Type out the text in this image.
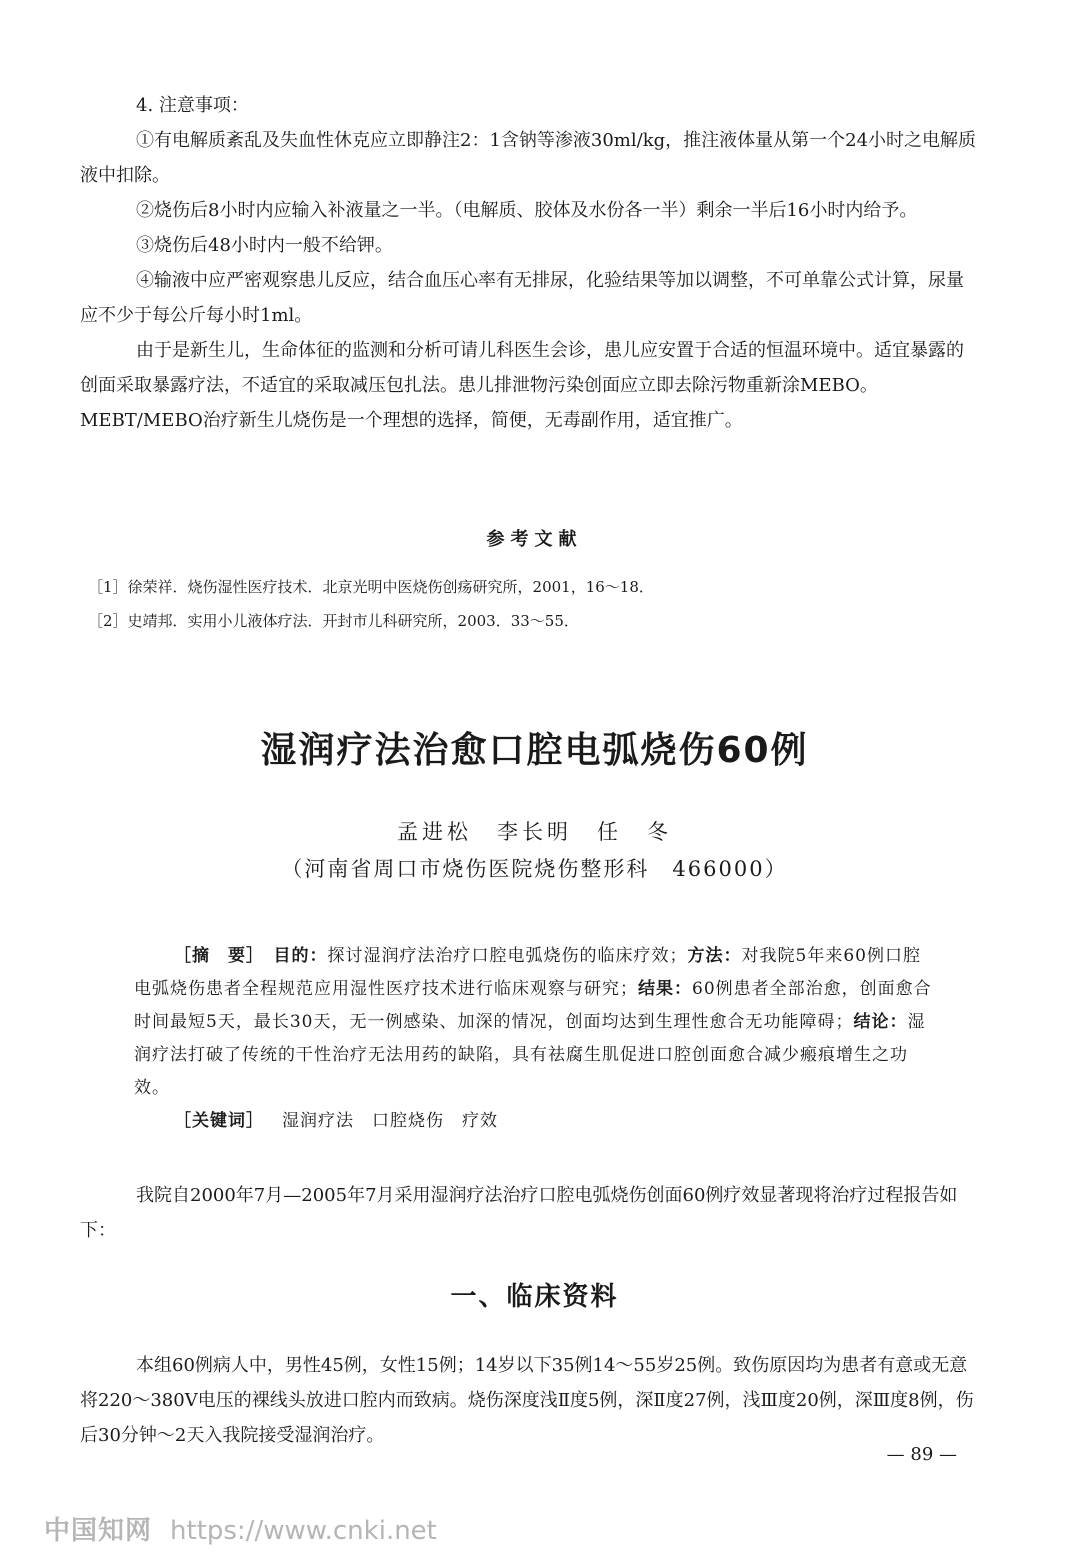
4. 注意事项：

①有电解质紊乱及失血性休克应立即静注2：1含钠等渗液30ml/kg，推注液体量从第一个24小时之电解质液中扣除。

②烧伤后8小时内应输入补液量之一半。（电解质、胶体及水份各一半）剩余一半后16小时内给予。

③烧伤后48小时内一般不给钾。

④输液中应严密观察患儿反应，结合血压心率有无排尿，化验结果等加以调整，不可单靠公式计算，尿量应不少于每公斤每小时1ml。

由于是新生儿，生命体征的监测和分析可请儿科医生会诊，患儿应安置于合适的恒温环境中。适宜暴露的创面采取暴露疗法，不适宜的采取减压包扎法。患儿排泄物污染创面应立即去除污物重新涂MEBO。MEBT/MEBO治疗新生儿烧伤是一个理想的选择，简便，无毒副作用，适宜推广。

参考文献

［1］徐荣祥．烧伤湿性医疗技术．北京光明中医烧伤创疡研究所，2001，16～18．

［2］史靖邦．实用小儿液体疗法．开封市儿科研究所，2003．33～55．

湿润疗法治愈口腔电弧烧伤60例
孟进松　李长明　任　冬
（河南省周口市烧伤医院烧伤整形科　466000）

［摘　要］　 目的：探讨湿润疗法治疗口腔电弧烧伤的临床疗效；方法：对我院5年来60例口腔电弧烧伤患者全程规范应用湿性医疗技术进行临床观察与研究；结果：60例患者全部治愈，创面愈合时间最短5天，最长30天，无一例感染、加深的情况，创面均达到生理性愈合无功能障碍；结论：湿润疗法打破了传统的干性治疗无法用药的缺陷，具有祛腐生肌促进口腔创面愈合减少瘢痕增生之功效。

［关键词］ 湿润疗法　口腔烧伤　疗效

我院自2000年7月—2005年7月采用湿润疗法治疗口腔电弧烧伤创面60例疗效显著现将治疗过程报告如下：

一、临床资料

本组60例病人中，男性45例，女性15例；14岁以下35例14～55岁25例。致伤原因均为患者有意或无意将220～380V电压的裸线头放进口腔内而致病。烧伤深度浅Ⅱ度5例，深Ⅱ度27例，浅Ⅲ度20例，深Ⅲ度8例，伤后30分钟～2天入我院接受湿润治疗。

— 89 —
中国知网 https://www.cnki.net
